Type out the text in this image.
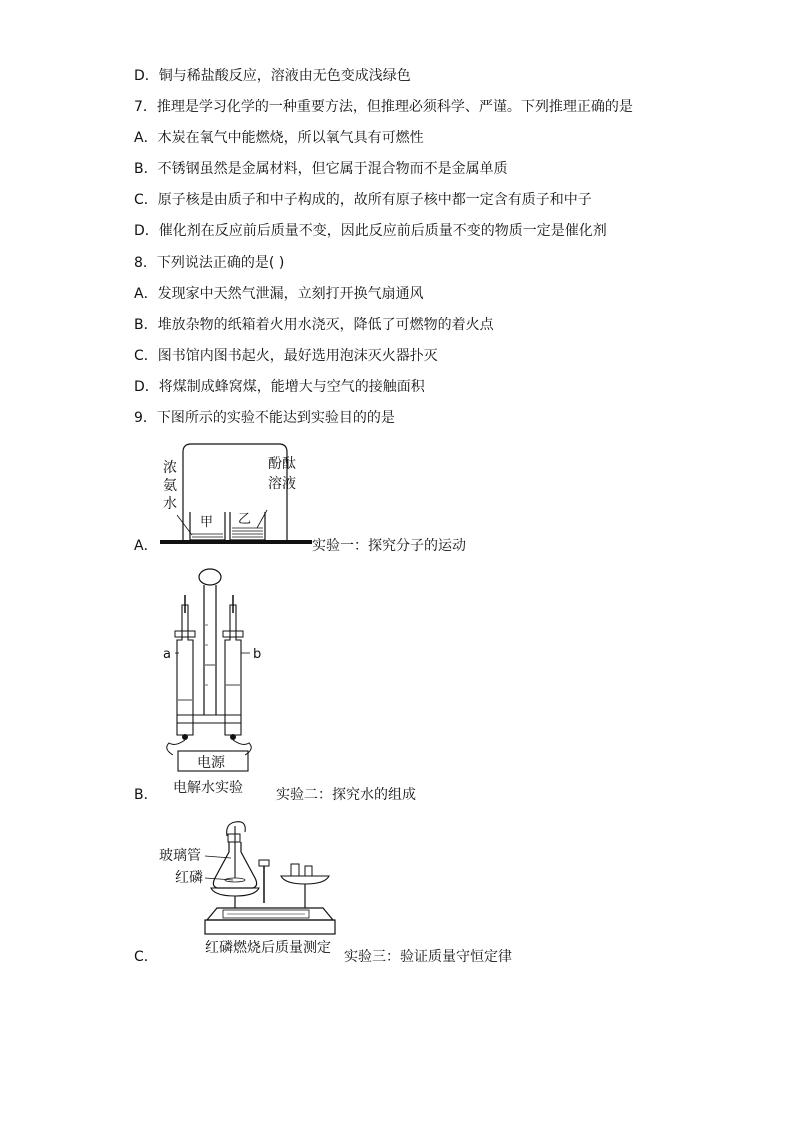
D．铜与稀盐酸反应，溶液由无色变成浅绿色
7．推理是学习化学的一种重要方法，但推理必须科学、严谨。下列推理正确的是
A．木炭在氧气中能燃烧，所以氧气具有可燃性
B．不锈钢虽然是金属材料，但它属于混合物而不是金属单质
C．原子核是由质子和中子构成的，故所有原子核中都一定含有质子和中子
D．催化剂在反应前后质量不变，因此反应前后质量不变的物质一定是催化剂
8．下列说法正确的是( )
A．发现家中天然气泄漏，立刻打开换气扇通风
B．堆放杂物的纸箱着火用水浇灭，降低了可燃物的着火点
C．图书馆内图书起火，最好选用泡沫灭火器扑灭
D．将煤制成蜂窝煤，能增大与空气的接触面积
9．下图所示的实验不能达到实验目的的是
A．
甲 乙
浓
氨
水
酚酞
溶液
实验一：探究分子的运动
B．
电源
a	b
电解水实验 实验二：探究水的组成
C．
玻璃管
红磷
红磷燃烧后质量测定
实验三：验证质量守恒定律
